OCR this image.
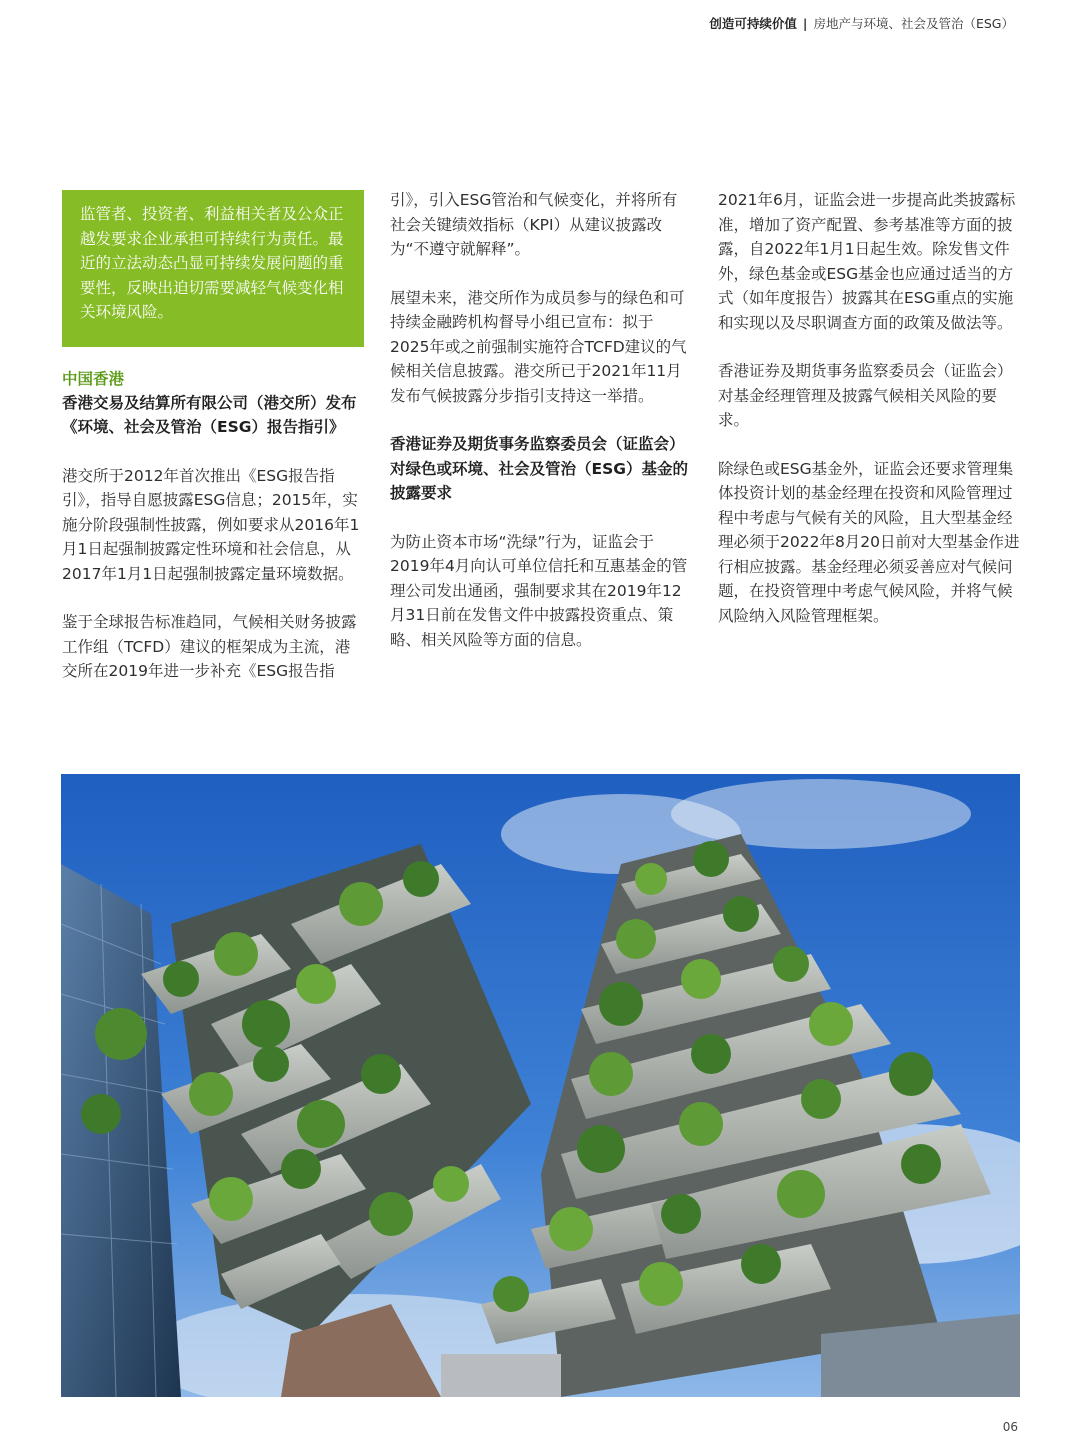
创造可持续价值 | 房地产与环境、社会及管治（ESG）
监管者、投资者、利益相关者及公众正越发要求企业承担可持续行为责任。最近的立法动态凸显可持续发展问题的重要性，反映出迫切需要减轻气候变化相关环境风险。
中国香港
香港交易及结算所有限公司（港交所）发布《环境、社会及管治（ESG）报告指引》

港交所于2012年首次推出《ESG报告指引》，指导自愿披露ESG信息；2015年，实施分阶段强制性披露，例如要求从2016年1月1日起强制披露定性环境和社会信息，从2017年1月1日起强制披露定量环境数据。

鉴于全球报告标准趋同，气候相关财务披露工作组（TCFD）建议的框架成为主流，港交所在2019年进一步补充《ESG报告指

引》，引入ESG管治和气候变化，并将所有社会关键绩效指标（KPI）从建议披露改为“不遵守就解释”。

展望未来，港交所作为成员参与的绿色和可持续金融跨机构督导小组已宣布：拟于2025年或之前强制实施符合TCFD建议的气候相关信息披露。港交所已于2021年11月发布气候披露分步指引支持这一举措。

香港证券及期货事务监察委员会（证监会）对绿色或环境、社会及管治（ESG）基金的披露要求

为防止资本市场“洗绿”行为，证监会于2019年4月向认可单位信托和互惠基金的管理公司发出通函，强制要求其在2019年12月31日前在发售文件中披露投资重点、策略、相关风险等方面的信息。

2021年6月，证监会进一步提高此类披露标准，增加了资产配置、参考基准等方面的披露，自2022年1月1日起生效。除发售文件外，绿色基金或ESG基金也应通过适当的方式（如年度报告）披露其在ESG重点的实施和实现以及尽职调查方面的政策及做法等。

香港证券及期货事务监察委员会（证监会）对基金经理管理及披露气候相关风险的要求。

除绿色或ESG基金外，证监会还要求管理集体投资计划的基金经理在投资和风险管理过程中考虑与气候有关的风险，且大型基金经理必须于2022年8月20日前对大型基金作进行相应披露。基金经理必须妥善应对气候问题，在投资管理中考虑气候风险，并将气候风险纳入风险管理框架。

06
